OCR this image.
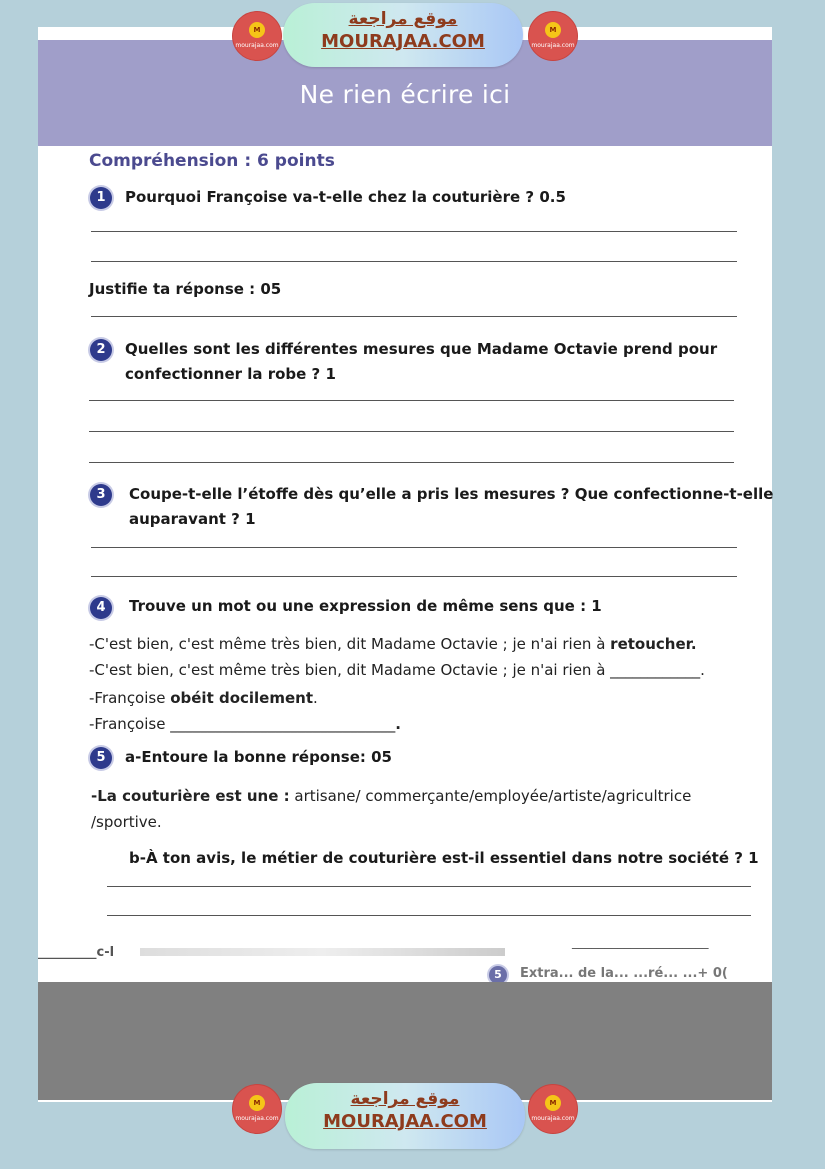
Ne rien écrire ici
M
mourajaa.com
موقع مراجعة
MOURAJAA.COM
M
mourajaa.com
Compréhension : 6 points
1	Pourquoi Françoise va-t-elle chez la couturière ? 0.5
Justifie ta réponse : 05
2	Quelles sont les différentes mesures que Madame Octavie prend pour
confectionner la robe ? 1
3	Coupe-t-elle l’étoffe dès qu’elle a pris les mesures ? Que confectionne-t-elle
auparavant ? 1
4	Trouve un mot ou une expression de même sens que : 1
-C'est bien, c'est même très bien, dit Madame Octavie ; je n'ai rien à retoucher.
-C'est bien, c'est même très bien, dit Madame Octavie ; je n'ai rien à ____________.
-Françoise obéit docilement.
-Françoise ______________________________.
5	a-Entoure la bonne réponse: 05
-La couturière est une : artisane/ commerçante/employée/artiste/agricultrice
/sportive.
b-À ton avis, le métier de couturière est-il essentiel dans notre société ? 1
_________c-l
_____________________
5	Extra... de la... ...ré... ...+ 0(
M
mourajaa.com
موقع مراجعة
MOURAJAA.COM
M
mourajaa.com
